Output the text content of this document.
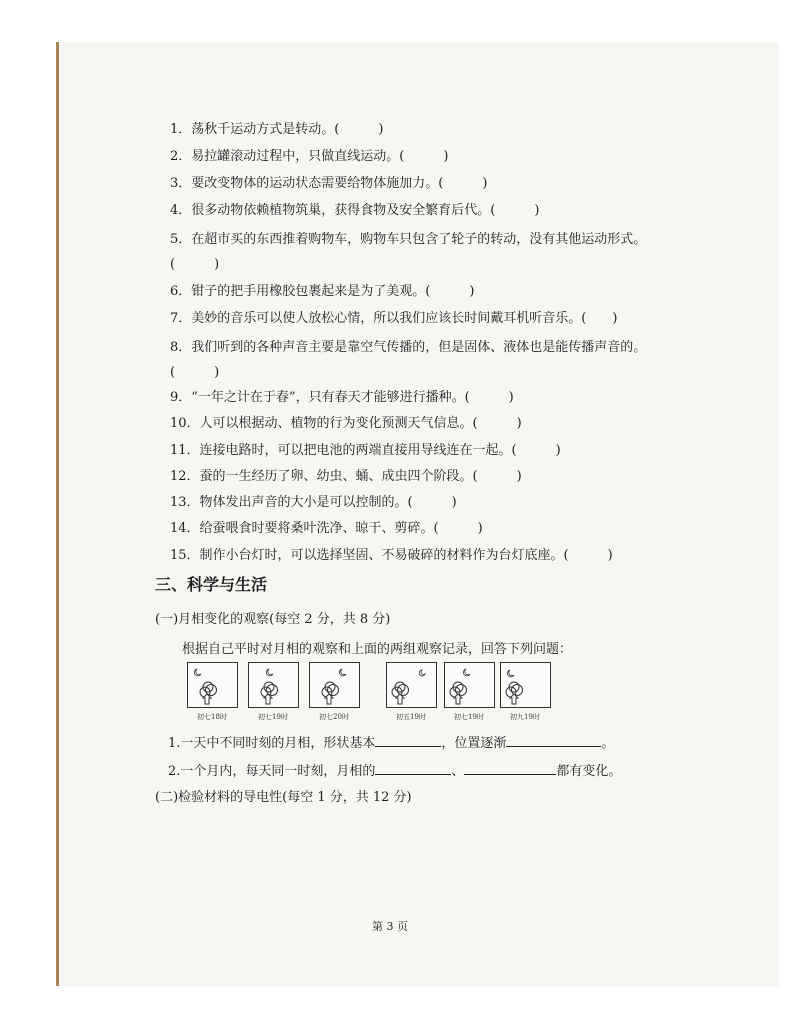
1．荡秋千运动方式是转动。(　　　)
2．易拉罐滚动过程中，只做直线运动。(　　　)
3．要改变物体的运动状态需要给物体施加力。(　　　)
4．很多动物依赖植物筑巢，获得食物及安全繁育后代。(　　　)
5．在超市买的东西推着购物车，购物车只包含了轮子的转动，没有其他运动形式。(　　　)
6．钳子的把手用橡胶包裹起来是为了美观。(　　　)
7．美妙的音乐可以使人放松心情，所以我们应该长时间戴耳机听音乐。(　　)
8．我们听到的各种声音主要是靠空气传播的，但是固体、液体也是能传播声音的。(　　　)
9．“一年之计在于春”，只有春天才能够进行播种。(　　　)
10．人可以根据动、植物的行为变化预测天气信息。(　　　)
11．连接电路时，可以把电池的两端直接用导线连在一起。(　　　)
12．蚕的一生经历了卵、幼虫、蛹、成虫四个阶段。(　　　)
13．物体发出声音的大小是可以控制的。(　　　)
14．给蚕喂食时要将桑叶洗净、晾干、剪碎。(　　　)
15．制作小台灯时，可以选择坚固、不易破碎的材料作为台灯底座。(　　　)
三、科学与生活
(一)月相变化的观察(每空 2 分，共 8 分)
根据自己平时对月相的观察和上面的两组观察记录，回答下列问题：
初七18时	初七19时	初七20时	初五19时	初七19时	初九19时
1.一天中不同时刻的月相，形状基本	，位置逐渐	。
2.一个月内，每天同一时刻，月相的	、	都有变化。
(二)检验材料的导电性(每空 1 分，共 12 分)
第 3 页
